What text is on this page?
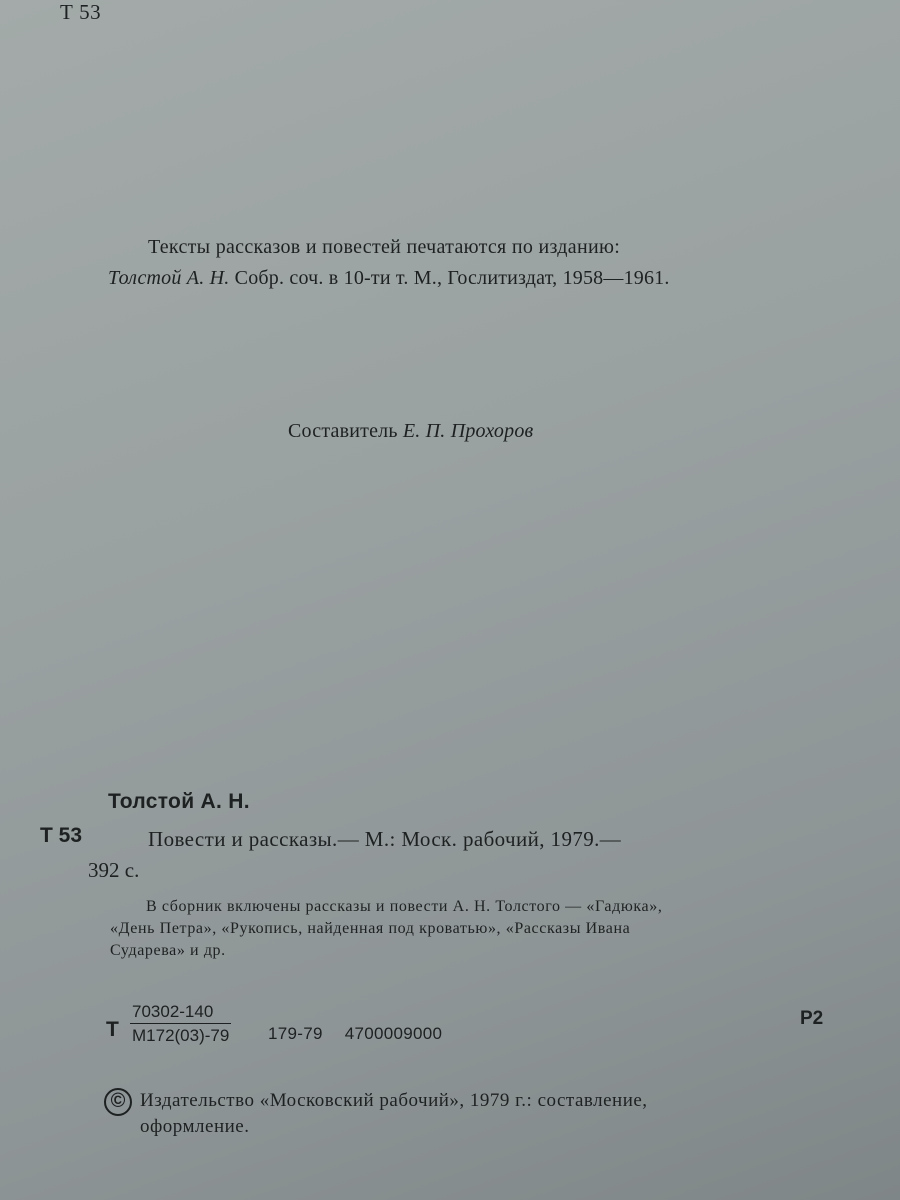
Т 53
Тексты рассказов и повестей печатаются по изданию:
Толстой А. Н. Собр. соч. в 10-ти т. М., Гослитиздат, 1958—1961.
Составитель Е. П. Прохоров
Толстой А. Н.
Т 53	Повести и рассказы.— М.: Моск. рабочий, 1979.—
392 с.
В сборник включены рассказы и повести А. Н. Толстого — «Гадюка»,
«День Петра», «Рукопись, найденная под кроватью», «Рассказы Ивана
Сударева» и др.
Т
70302-140
М172(03)-79 179-79 4700009000
Р2
© Издательство «Московский рабочий», 1979 г.: составление,
оформление.
